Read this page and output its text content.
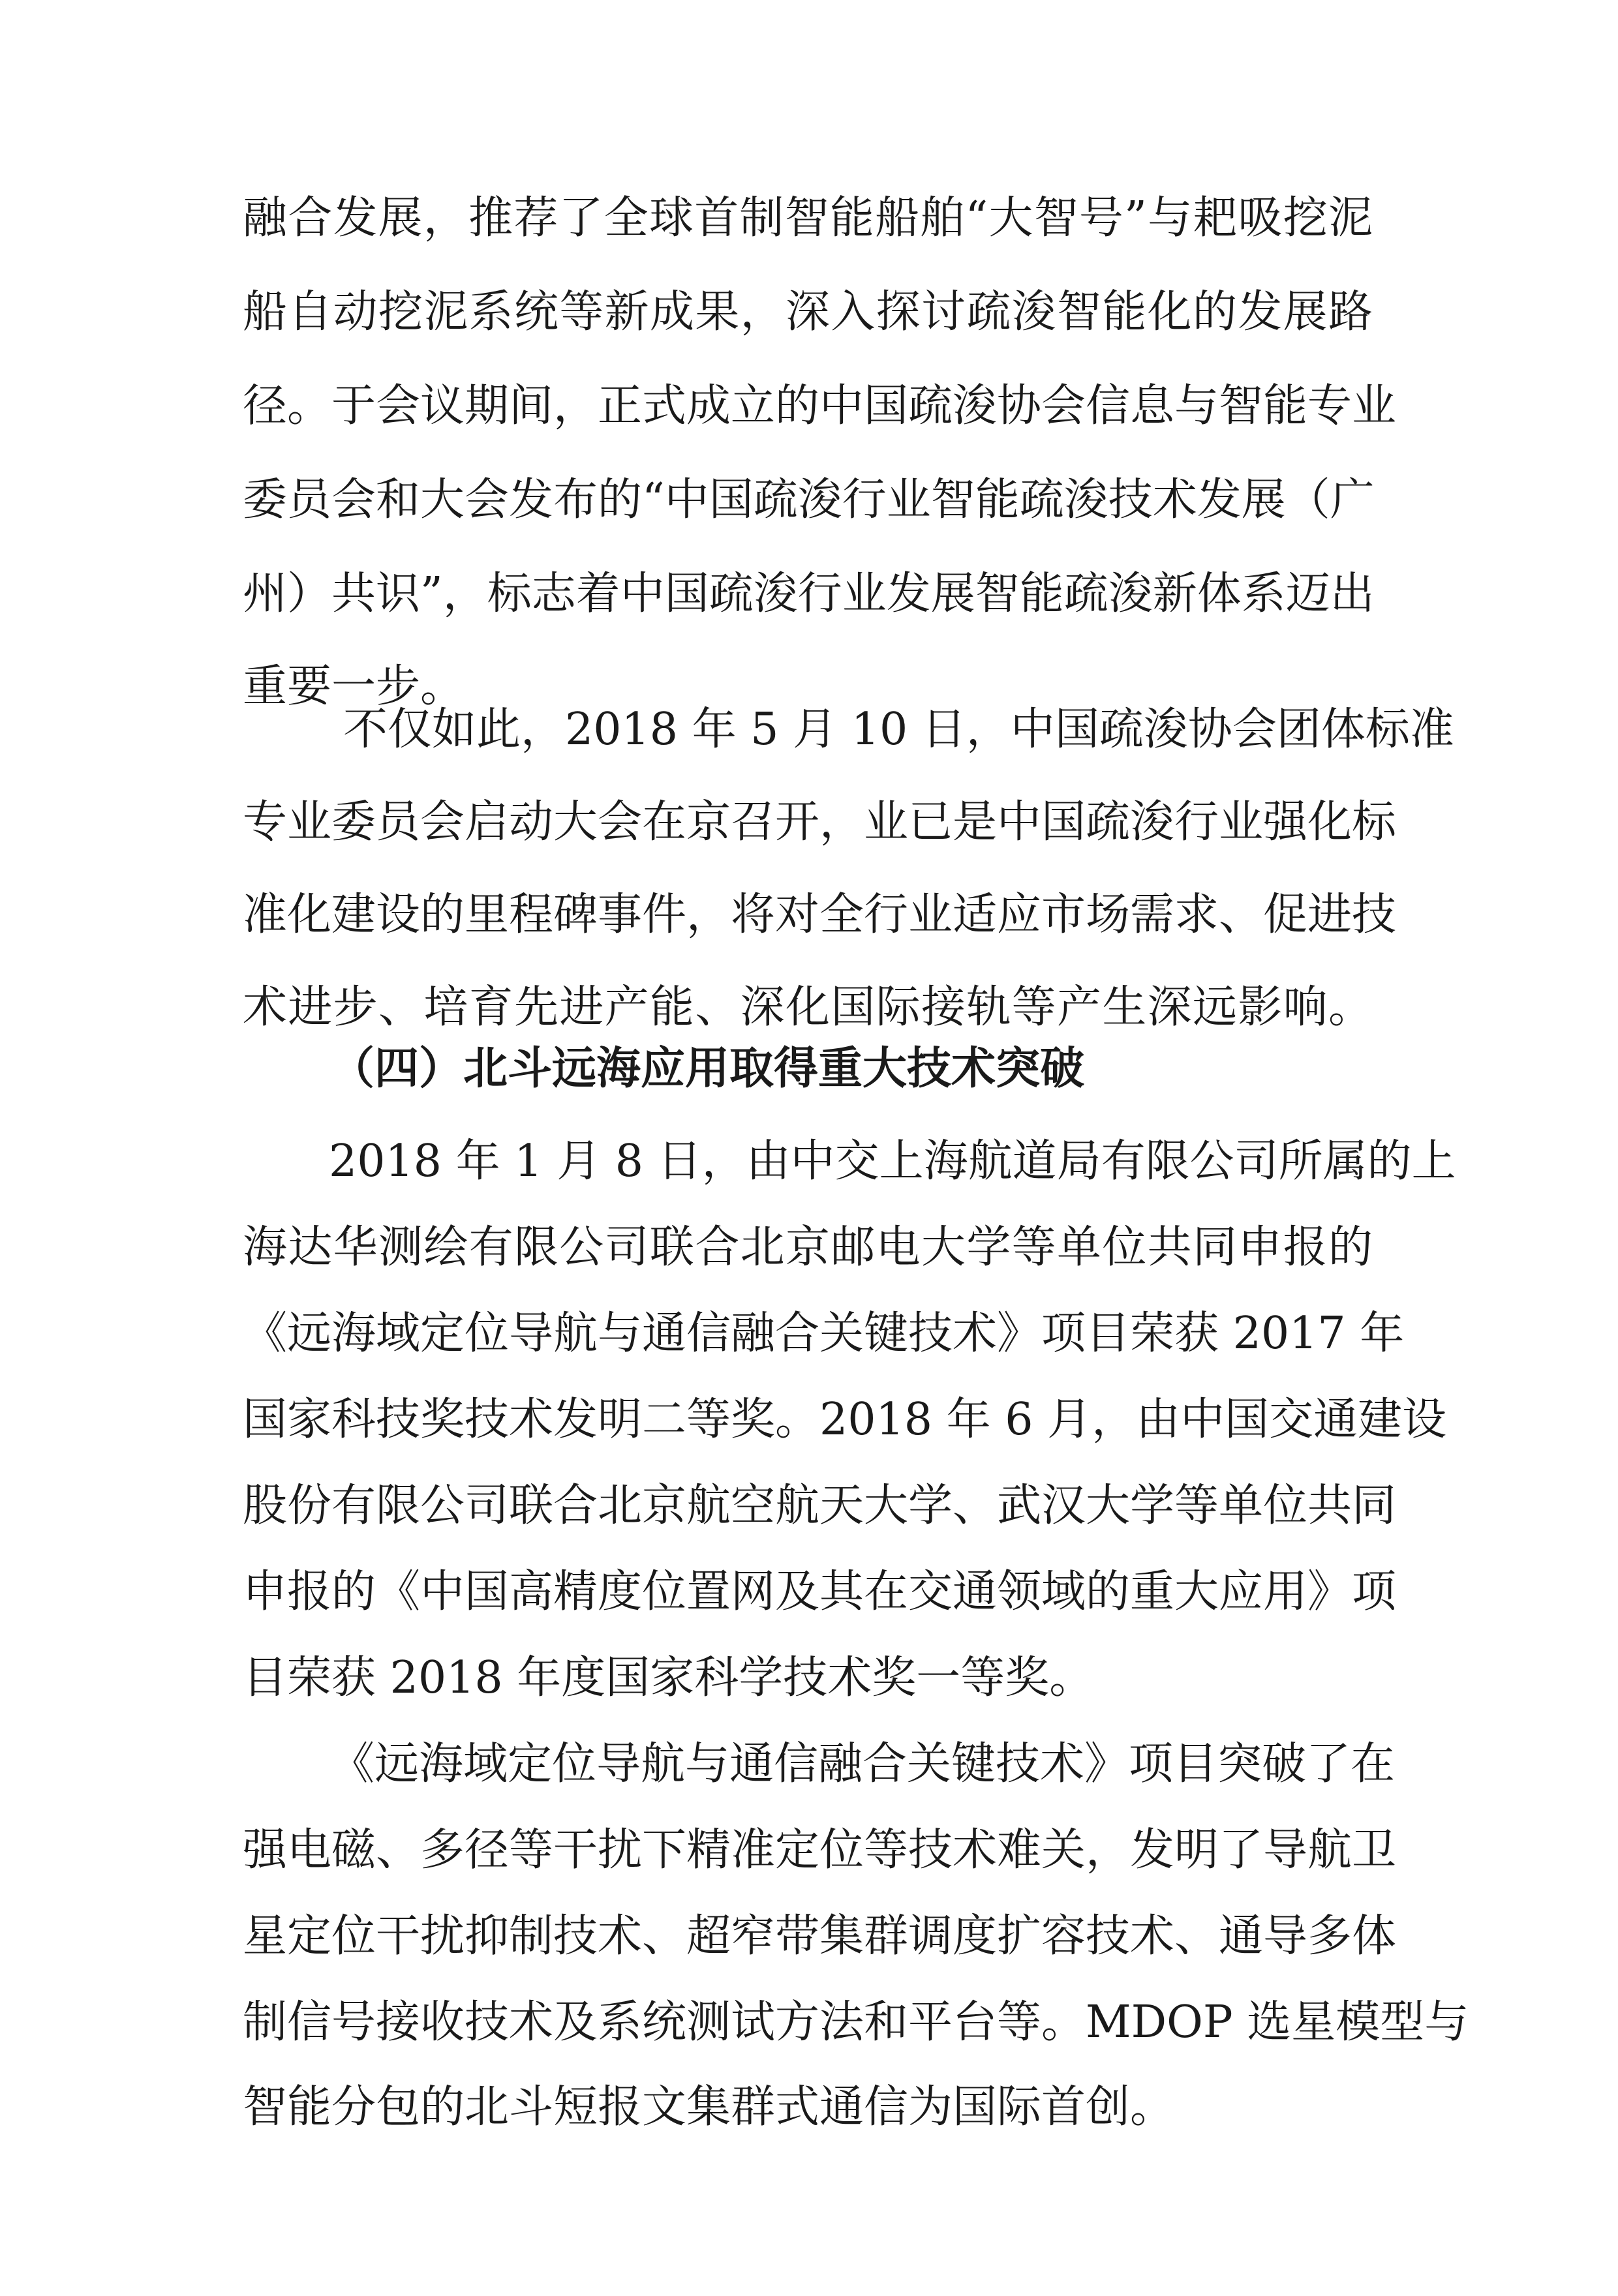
融合发展，推荐了全球首制智能船舶“大智号”与耙吸挖泥
船自动挖泥系统等新成果，深入探讨疏浚智能化的发展路
径。于会议期间，正式成立的中国疏浚协会信息与智能专业
委员会和大会发布的“中国疏浚行业智能疏浚技术发展（广
州）共识”，标志着中国疏浚行业发展智能疏浚新体系迈出
重要一步。
不仅如此，2018 年 5 月 10 日，中国疏浚协会团体标准
专业委员会启动大会在京召开，业已是中国疏浚行业强化标
准化建设的里程碑事件，将对全行业适应市场需求、促进技
术进步、培育先进产能、深化国际接轨等产生深远影响。
（四）北斗远海应用取得重大技术突破
2018 年 1 月 8 日，由中交上海航道局有限公司所属的上
海达华测绘有限公司联合北京邮电大学等单位共同申报的
《远海域定位导航与通信融合关键技术》项目荣获 2017 年
国家科技奖技术发明二等奖。2018 年 6 月，由中国交通建设
股份有限公司联合北京航空航天大学、武汉大学等单位共同
申报的《中国高精度位置网及其在交通领域的重大应用》项
目荣获 2018 年度国家科学技术奖一等奖。
《远海域定位导航与通信融合关键技术》项目突破了在
强电磁、多径等干扰下精准定位等技术难关，发明了导航卫
星定位干扰抑制技术、超窄带集群调度扩容技术、通导多体
制信号接收技术及系统测试方法和平台等。MDOP 选星模型与
智能分包的北斗短报文集群式通信为国际首创。
